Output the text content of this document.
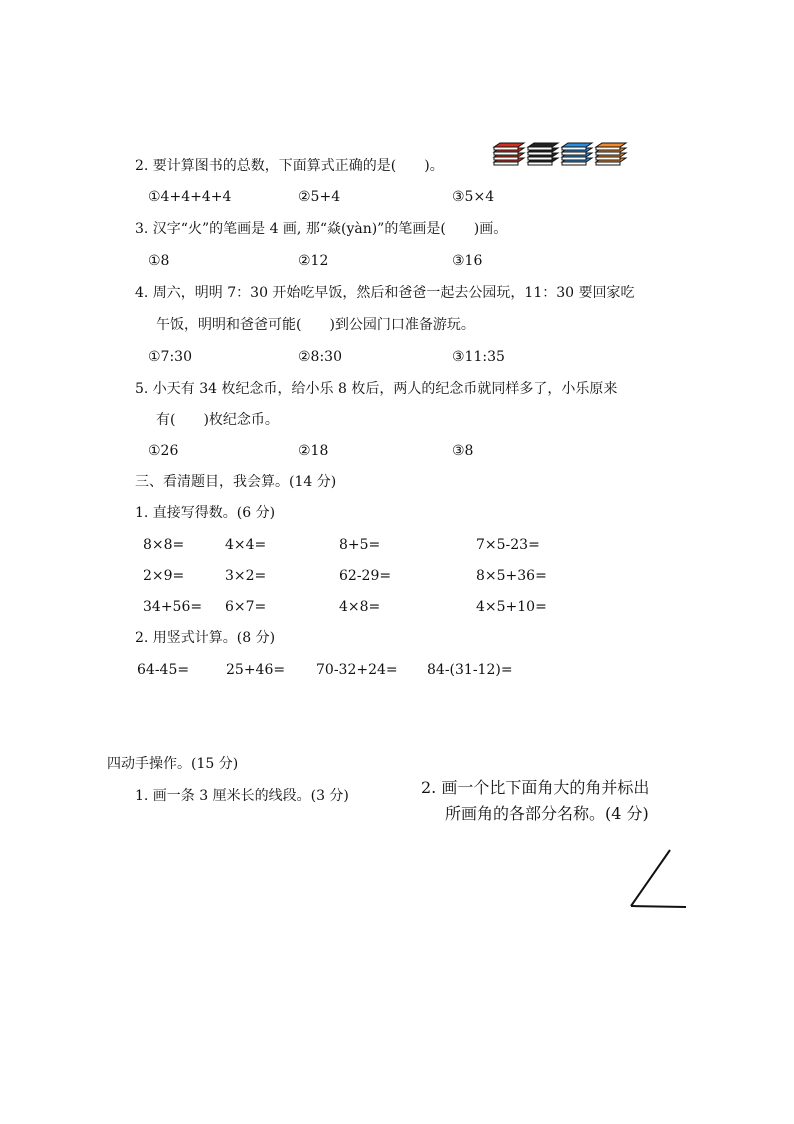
2. 要计算图书的总数，下面算式正确的是(　　)。
①4+4+4+4	②5+4	③5×4
3. 汉字“火”的笔画是 4 画, 那“焱(yàn)”的笔画是(　　)画。
①8	②12	③16
4. 周六，明明 7：30 开始吃早饭，然后和爸爸一起去公园玩，11：30 要回家吃
午饭，明明和爸爸可能(　　)到公园门口准备游玩。
①7:30	②8:30	③11:35
5. 小天有 34 枚纪念币，给小乐 8 枚后，两人的纪念币就同样多了，小乐原来
有(　　)枚纪念币。
①26	②18	③8
三、看清题目，我会算。(14 分)
1. 直接写得数。(6 分)
8×8=	4×4=	8+5=	7×5-23=
2×9=	3×2=	62-29=	8×5+36=
34+56= 6×7=	4×8=	4×5+10=
2. 用竖式计算。(8 分)
64-45=	25+46= 70-32+24= 84-(31-12)=
四动手操作。(15 分)
1. 画一条 3 厘米长的线段。(3 分)	2. 画一个比下面角大的角并标出
所画角的各部分名称。(4 分)
